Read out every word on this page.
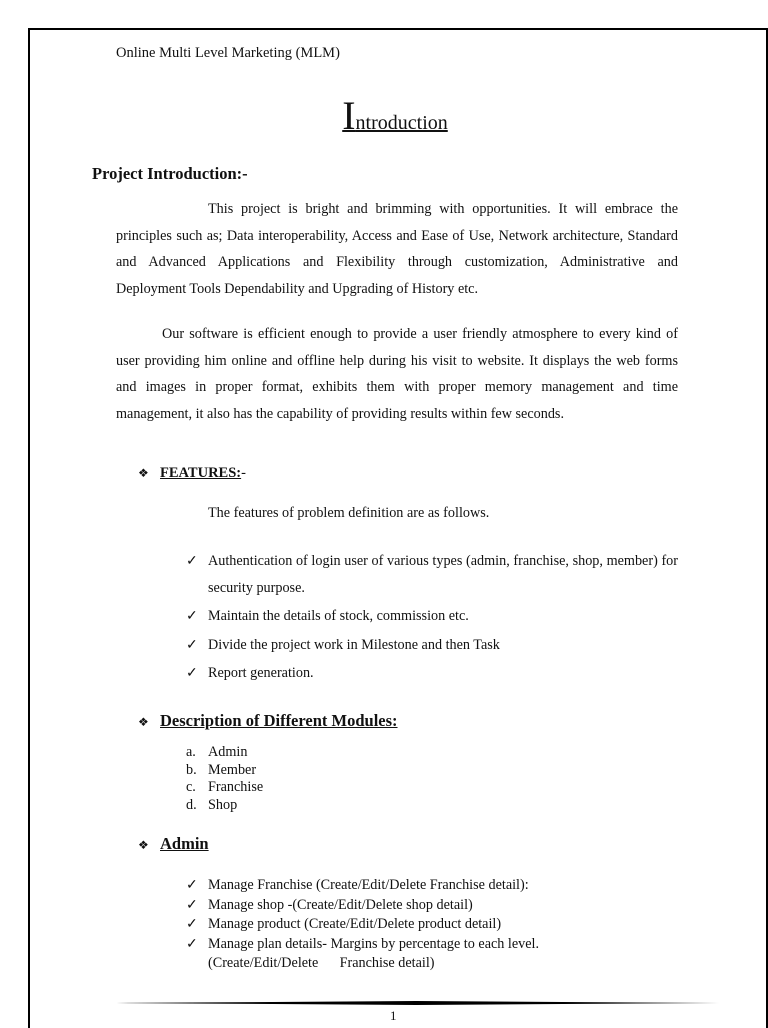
Online Multi Level Marketing (MLM)
Introduction
Project Introduction:-
This project is bright and brimming with opportunities. It will embrace the principles such as; Data interoperability, Access and Ease of Use, Network architecture, Standard and Advanced Applications and Flexibility through customization, Administrative and Deployment Tools Dependability and Upgrading of History etc.
Our software is efficient enough to provide a user friendly atmosphere to every kind of user providing him online and offline help during his visit to website. It displays the web forms and images in proper format, exhibits them with proper memory management and time management, it also has the capability of providing results within few seconds.
❖ FEATURES:-
The features of problem definition are as follows.
✓ Authentication of login user of various types (admin, franchise, shop, member) for security purpose.
✓ Maintain the details of stock, commission etc.
✓ Divide the project work in Milestone and then Task
✓ Report generation.
❖ Description of Different Modules:
a. Admin
b. Member
c. Franchise
d. Shop
❖ Admin
✓ Manage Franchise (Create/Edit/Delete Franchise detail):
✓ Manage shop -(Create/Edit/Delete shop detail)
✓ Manage product (Create/Edit/Delete product detail)
✓ Manage plan details- Margins by percentage to each level.
(Create/Edit/Delete      Franchise detail)
1
